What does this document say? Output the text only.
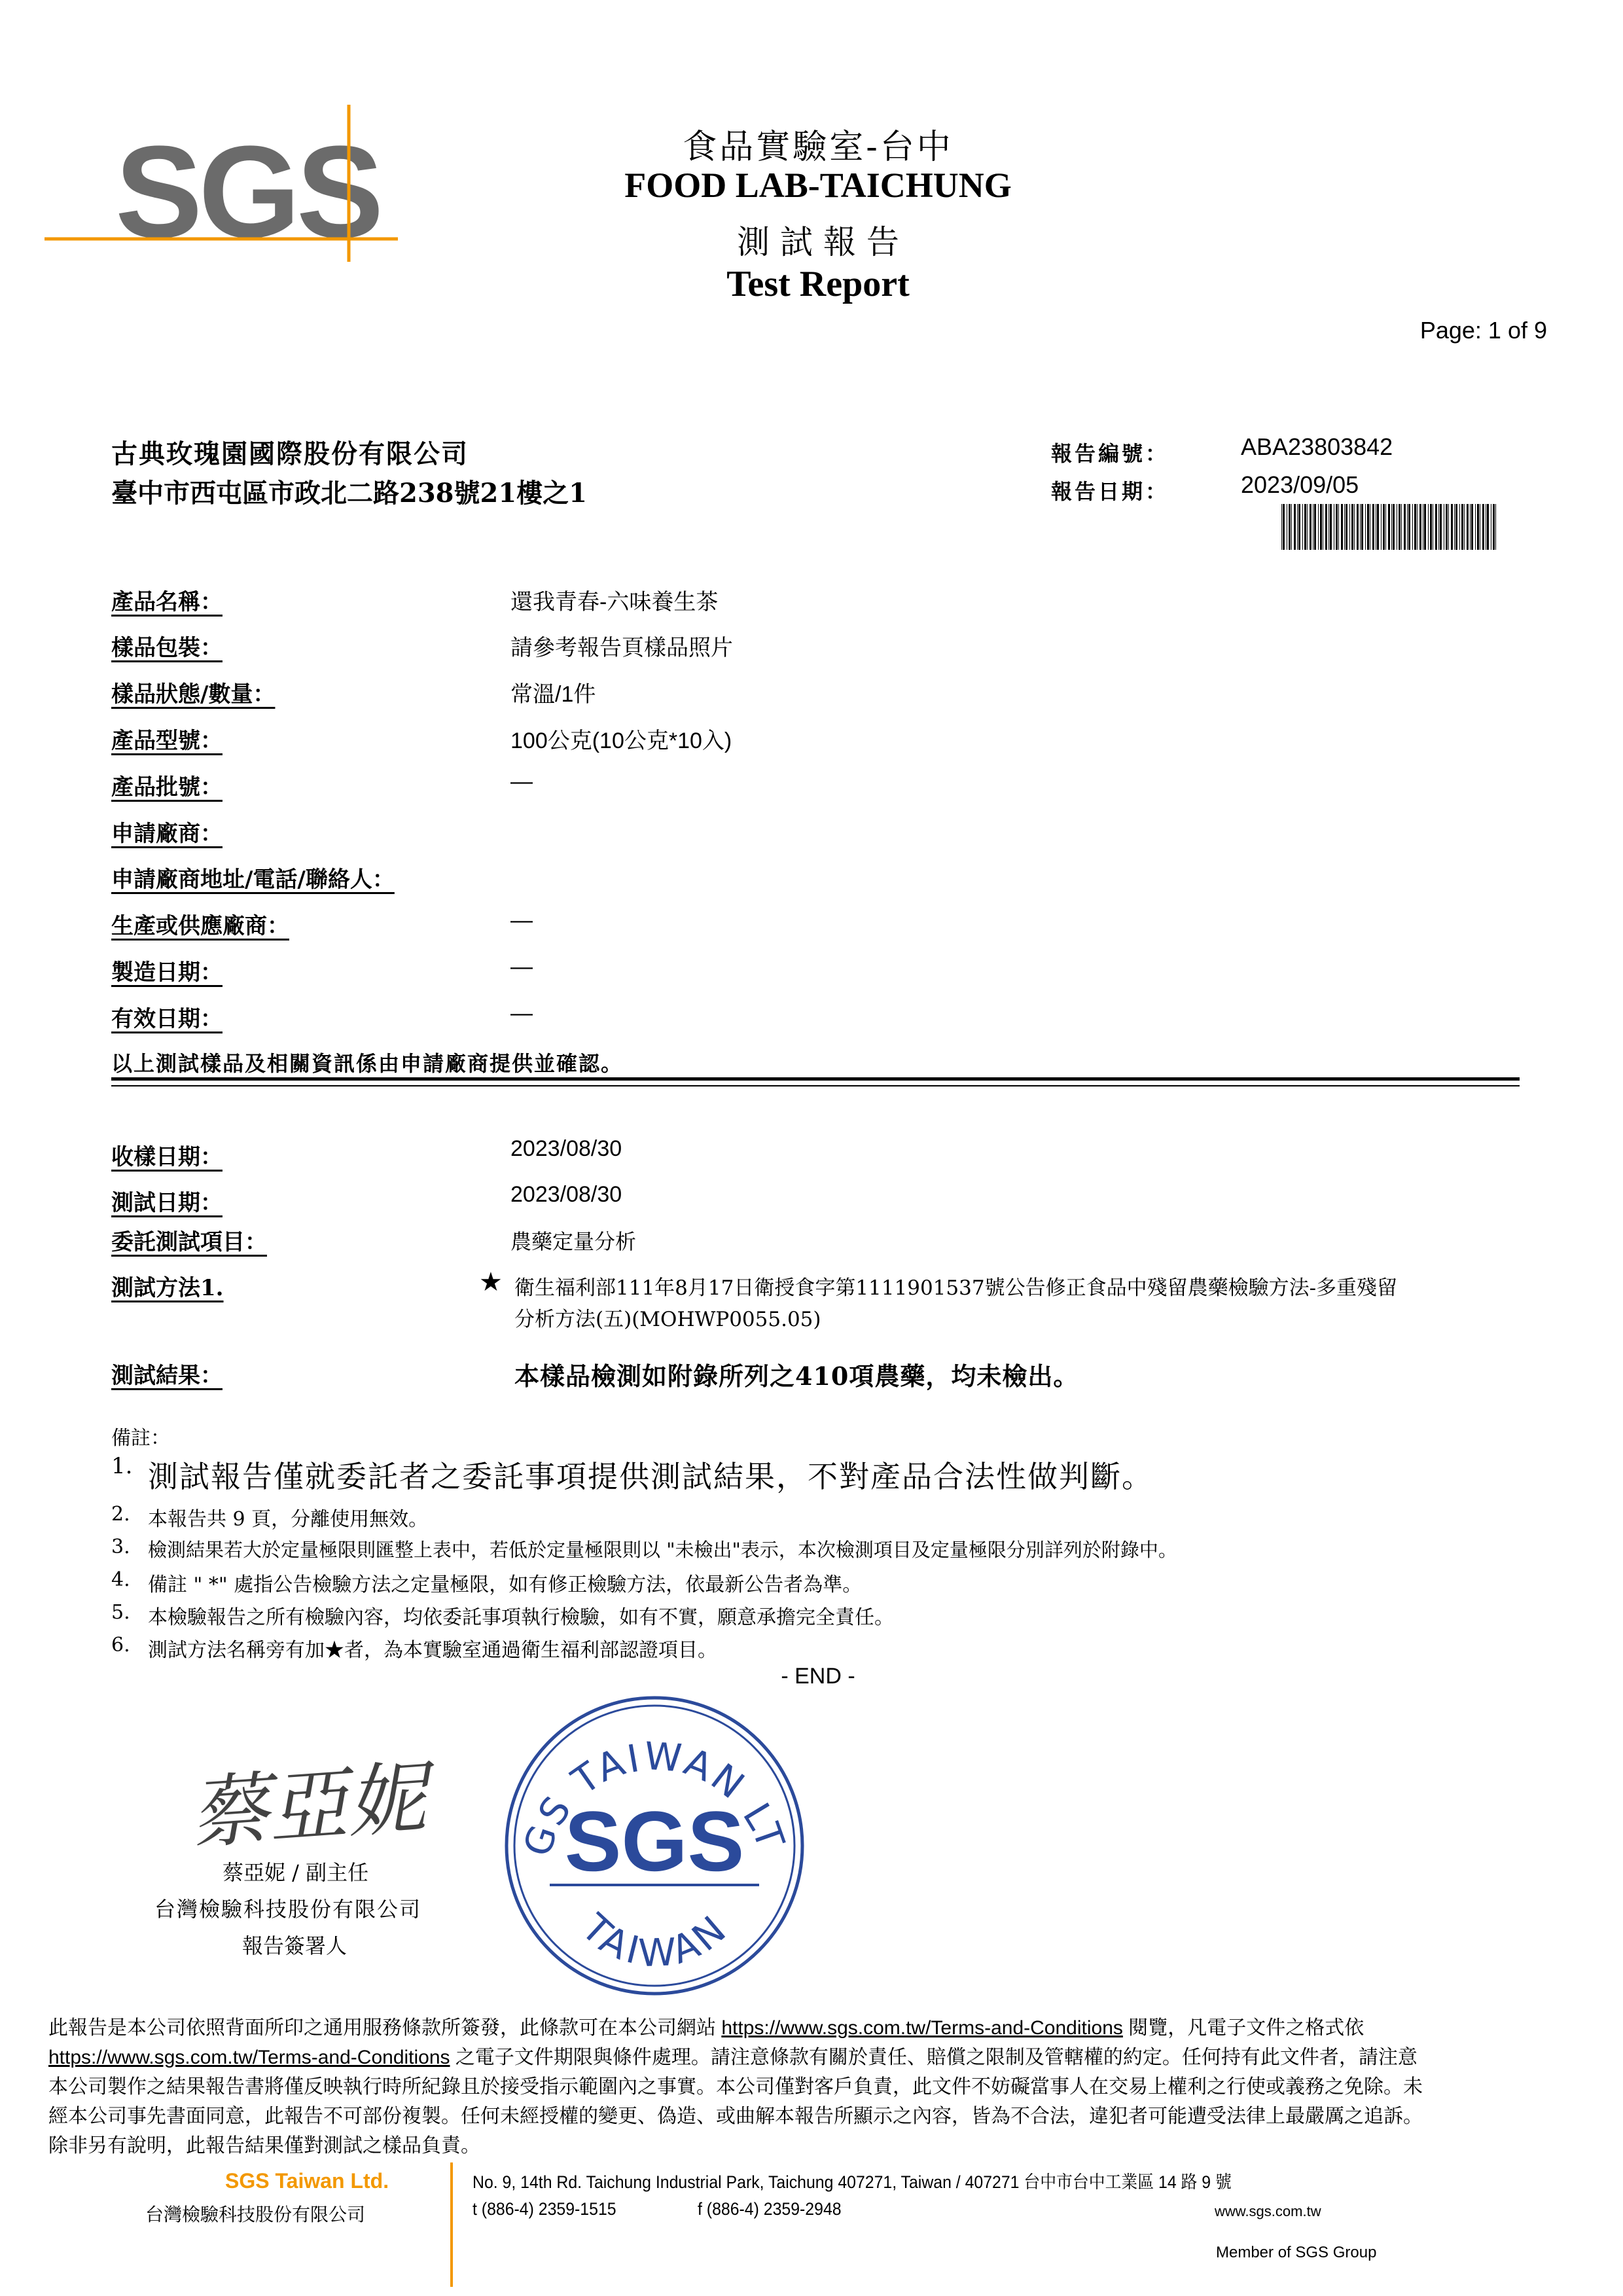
SGS	食品實驗室-台中
FOOD LAB-TAICHUNG
測 試 報 告
Test Report
Page: 1 of 9
古典玫瑰園國際股份有限公司
臺中市西屯區市政北二路238號21樓之1
報告編號：	ABA23803842
報告日期：	2023/09/05
產品名稱：	還我青春-六味養生茶
樣品包裝：	請參考報告頁樣品照片
樣品狀態/數量：	常溫/1件
產品型號：	100公克(10公克*10入)
產品批號：	—
申請廠商：
申請廠商地址/電話/聯絡人：
生產或供應廠商：	—
製造日期：	—
有效日期：	—
以上測試樣品及相關資訊係由申請廠商提供並確認。
收樣日期：	2023/08/30
測試日期：	2023/08/30
委託測試項目：	農藥定量分析
測試方法1.	★ 衛生福利部111年8月17日衛授食字第1111901537號公告修正食品中殘留農藥檢驗方法-多重殘留
分析方法(五)(MOHWP0055.05)
測試結果：	本樣品檢測如附錄所列之410項農藥，均未檢出。
備註：
1. 測試報告僅就委託者之委託事項提供測試結果，不對產品合法性做判斷。
2. 本報告共 9 頁，分離使用無效。
3. 檢測結果若大於定量極限則匯整上表中，若低於定量極限則以 "未檢出"表示，本次檢測項目及定量極限分別詳列於附錄中。
4. 備註 " *" 處指公告檢驗方法之定量極限，如有修正檢驗方法，依最新公告者為準。
5. 本檢驗報告之所有檢驗內容，均依委託事項執行檢驗，如有不實，願意承擔完全責任。
6. 測試方法名稱旁有加★者，為本實驗室通過衛生福利部認證項目。
- END -
蔡亞妮
蔡亞妮 / 副主任
台灣檢驗科技股份有限公司
報告簽署人
GS TAIWAN LT
SGS
TAIWAN
此報告是本公司依照背面所印之通用服務條款所簽發，此條款可在本公司網站 https://www.sgs.com.tw/Terms-and-Conditions 閱覽，凡電子文件之格式依
https://www.sgs.com.tw/Terms-and-Conditions 之電子文件期限與條件處理。請注意條款有關於責任、賠償之限制及管轄權的約定。任何持有此文件者，請注意
本公司製作之結果報告書將僅反映執行時所紀錄且於接受指示範圍內之事實。本公司僅對客戶負責，此文件不妨礙當事人在交易上權利之行使或義務之免除。未
經本公司事先書面同意，此報告不可部份複製。任何未經授權的變更、偽造、或曲解本報告所顯示之內容，皆為不合法，違犯者可能遭受法律上最嚴厲之追訴。
除非另有說明，此報告結果僅對測試之樣品負責。
SGS Taiwan Ltd.
台灣檢驗科技股份有限公司
No. 9, 14th Rd. Taichung Industrial Park, Taichung 407271, Taiwan / 407271 台中市台中工業區 14 路 9 號
t (886-4) 2359-1515	f (886-4) 2359-2948	www.sgs.com.tw
Member of SGS Group
